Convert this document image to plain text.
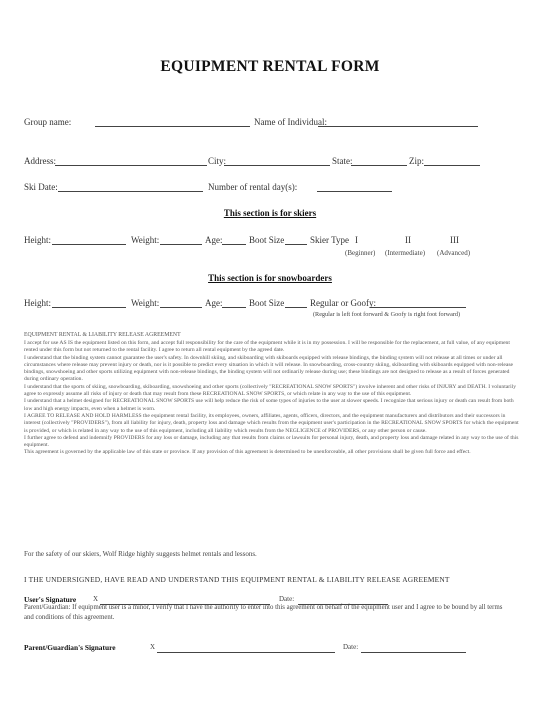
EQUIPMENT RENTAL FORM
Group name:	Name of Individual:
Address:	City:	State:	Zip:
Ski Date:	Number of rental day(s):
This section is for skiers
Height:	Weight:	Age:	Boot Size	Skier Type I	II	III
(Beginner) (Intermediate) (Advanced)
This section is for snowboarders
Height:	Weight:	Age:	Boot Size	Regular or Goofy:
(Regular is left foot forward & Goofy is right foot forward)
EQUIPMENT RENTAL & LIABILITY RELEASE AGREEMENT

I accept for use AS IS the equipment listed on this form, and accept full responsibility for the care of the equipment while it is in my possession. I will be responsible for the replacement, at full value, of any equipment rented under this form but not returned to the rental facility. I agree to return all rental equipment by the agreed date.

I understand that the binding system cannot guarantee the user's safety. In downhill skiing, and skiboarding with skiboards equipped with release bindings, the binding system will not release at all times or under all circumstances where release may prevent injury or death, nor is it possible to predict every situation in which it will release. In snowboarding, cross-country skiing, skiboarding with skiboards equipped with non-release bindings, snowshoeing and other sports utilizing equipment with non-release bindings, the binding system will not ordinarily release during use; these bindings are not designed to release as a result of forces generated during ordinary operation.

I understand that the sports of skiing, snowboarding, skiboarding, snowshoeing and other sports (collectively "RECREATIONAL SNOW SPORTS") involve inherent and other risks of INJURY and DEATH. I voluntarily agree to expressly assume all risks of injury or death that may result from these RECREATIONAL SNOW SPORTS, or which relate in any way to the use of this equipment.

I understand that a helmet designed for RECREATIONAL SNOW SPORTS use will help reduce the risk of some types of injuries to the user at slower speeds. I recognize that serious injury or death can result from both low and high energy impacts, even when a helmet is worn.

I AGREE TO RELEASE AND HOLD HARMLESS the equipment rental facility, its employees, owners, affiliates, agents, officers, directors, and the equipment manufacturers and distributors and their successors in interest (collectively "PROVIDERS"), from all liability for injury, death, property loss and damage which results from the equipment user's participation in the RECREATIONAL SNOW SPORTS for which the equipment is provided, or which is related in any way to the use of this equipment, including all liability which results from the NEGLIGENCE of PROVIDERS, or any other person or cause.

I further agree to defend and indemnify PROVIDERS for any loss or damage, including any that results from claims or lawsuits for personal injury, death, and property loss and damage related in any way to the use of this equipment.

This agreement is governed by the applicable law of this state or province. If any provision of this agreement is determined to be unenforceable, all other provisions shall be given full force and effect.

For the safety of our skiers, Wolf Ridge highly suggests helmet rentals and lessons.
I THE UNDERSIGNED, HAVE READ AND UNDERSTAND THIS EQUIPMENT RENTAL & LIABILITY RELEASE AGREEMENT
User's Signature X	Date:
Parent/Guardian: If equipment user is a minor, I verify that I have the authority to enter into this agreement on behalf of the equipment user and I agree to be bound by all terms and conditions of this agreement.
Parent/Guardian's Signature	X	Date:
